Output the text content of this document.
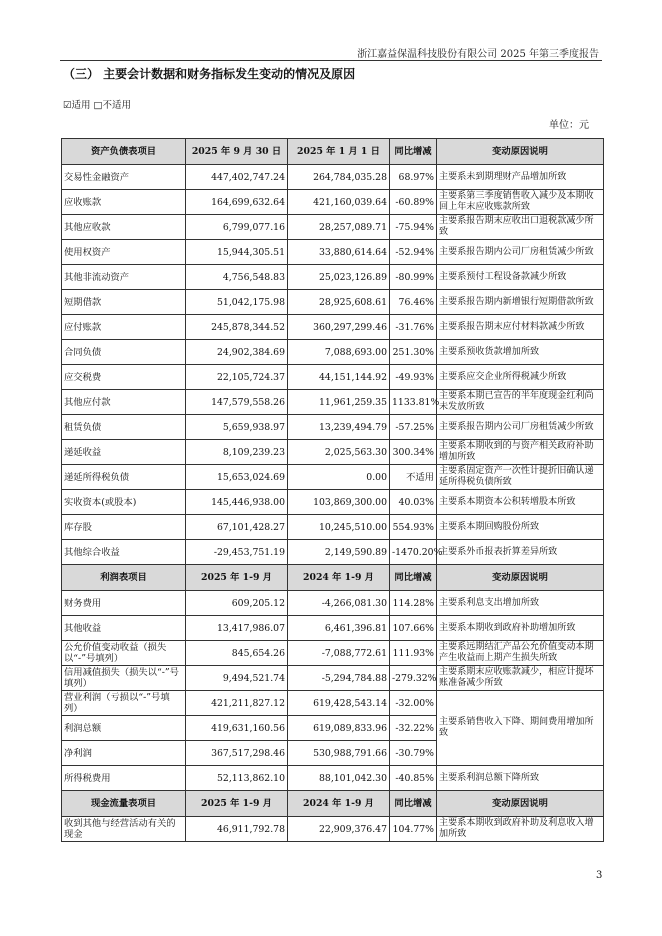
浙江嘉益保温科技股份有限公司 2025 年第三季度报告
（三） 主要会计数据和财务指标发生变动的情况及原因
☑适用 □不适用
单位：元
资产负债表项目	2025 年 9 月 30 日	2025 年 1 月 1 日	同比增减	变动原因说明
交易性金融资产	447,402,747.24	264,784,035.28	68.97%	主要系未到期理财产品增加所致
应收账款	164,699,632.64	421,160,039.64	-60.89%	主要系第三季度销售收入减少及本期收回上年末应收账款所致
其他应收款	6,799,077.16	28,257,089.71	-75.94%	主要系报告期末应收出口退税款减少所致
使用权资产	15,944,305.51	33,880,614.64	-52.94%	主要系报告期内公司厂房租赁减少所致
其他非流动资产	4,756,548.83	25,023,126.89	-80.99%	主要系预付工程设备款减少所致
短期借款	51,042,175.98	28,925,608.61	76.46%	主要系报告期内新增银行短期借款所致
应付账款	245,878,344.52	360,297,299.46	-31.76%	主要系报告期末应付材料款减少所致
合同负债	24,902,384.69	7,088,693.00	251.30%	主要系预收货款增加所致
应交税费	22,105,724.37	44,151,144.92	-49.93%	主要系应交企业所得税减少所致
其他应付款	147,579,558.26	11,961,259.35	1133.81%	主要系本期已宣告的半年度现金红利尚未发放所致
租赁负债	5,659,938.97	13,239,494.79	-57.25%	主要系报告期内公司厂房租赁减少所致
递延收益	8,109,239.23	2,025,563.30	300.34%	主要系本期收到的与资产相关政府补助增加所致
递延所得税负债	15,653,024.69	0.00	不适用	主要系固定资产一次性计提折旧确认递延所得税负债所致
实收资本(或股本)	145,446,938.00	103,869,300.00	40.03%	主要系本期资本公积转增股本所致
库存股	67,101,428.27	10,245,510.00	554.93%	主要系本期回购股份所致
其他综合收益	-29,453,751.19	2,149,590.89	-1470.20%	主要系外币报表折算差异所致
利润表项目	2025 年 1-9 月	2024 年 1-9 月	同比增减	变动原因说明
财务费用	609,205.12	-4,266,081.30	114.28%	主要系利息支出增加所致
其他收益	13,417,986.07	6,461,396.81	107.66%	主要系本期收到政府补助增加所致
公允价值变动收益（损失以“-”号填列）	845,654.26	-7,088,772.61	111.93%	主要系远期结汇产品公允价值变动本期产生收益而上期产生损失所致
信用减值损失（损失以“-”号填列）	9,494,521.74	-5,294,784.88	-279.32%	主要系期末应收账款减少，相应计提坏账准备减少所致
营业利润（亏损以“-”号填列）	421,211,827.12	619,428,543.14	-32.00%	主要系销售收入下降、期间费用增加所致
利润总额	419,631,160.56	619,089,833.96	-32.22%	
净利润	367,517,298.46	530,988,791.66	-30.79%	
所得税费用	52,113,862.10	88,101,042.30	-40.85%	主要系利润总额下降所致
现金流量表项目	2025 年 1-9 月	2024 年 1-9 月	同比增减	变动原因说明
收到其他与经营活动有关的现金	46,911,792.78	22,909,376.47	104.77%	主要系本期收到政府补助及利息收入增加所致
3
